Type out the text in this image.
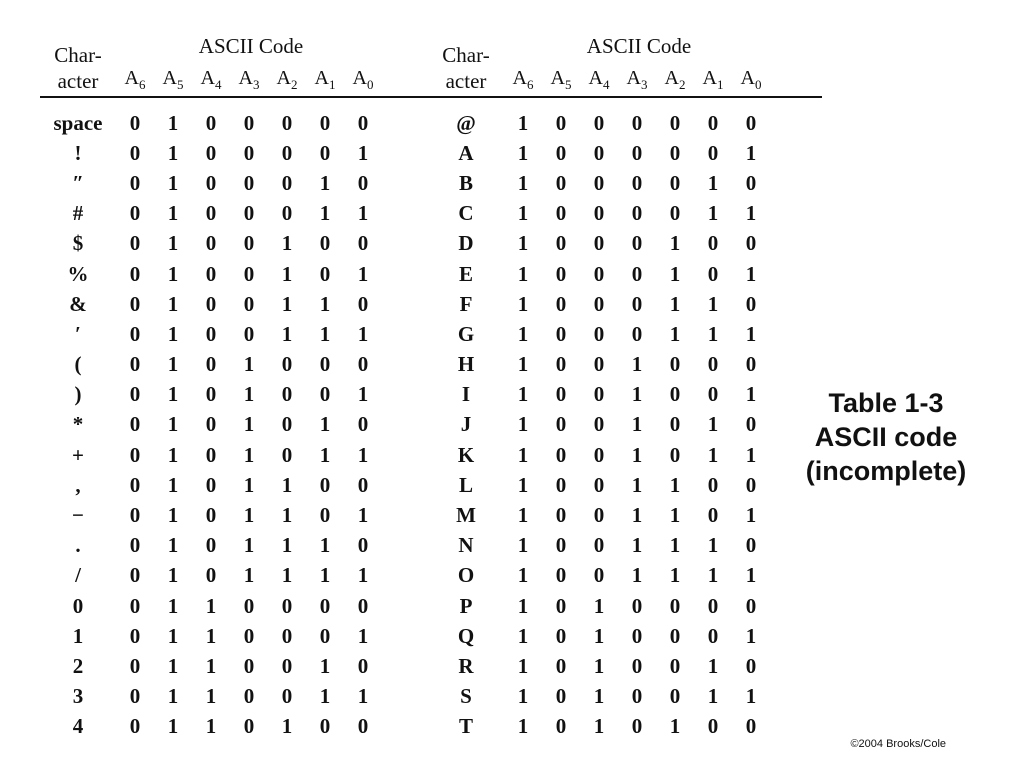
Char-
acter
ASCII Code
$A_6$ $A_5$ $A_4$ $A_3$ $A_2$ $A_1$ $A_0$
space	0	1	0	0	0	0	0
!	0	1	0	0	0	0	1
″	0	1	0	0	0	1	0
#	0	1	0	0	0	1	1
$	0	1	0	0	1	0	0
%	0	1	0	0	1	0	1
&	0	1	0	0	1	1	0
′	0	1	0	0	1	1	1
(	0	1	0	1	0	0	0
)	0	1	0	1	0	0	1
*	0	1	0	1	0	1	0
+	0	1	0	1	0	1	1
,	0	1	0	1	1	0	0
−	0	1	0	1	1	0	1
.	0	1	0	1	1	1	0
/	0	1	0	1	1	1	1
0	0	1	1	0	0	0	0
1	0	1	1	0	0	0	1
2	0	1	1	0	0	1	0
3	0	1	1	0	0	1	1
4	0	1	1	0	1	0	0
Char-
acter
ASCII Code
$A_6$ $A_5$ $A_4$ $A_3$ $A_2$ $A_1$ $A_0$
@	1	0	0	0	0	0	0
A	1	0	0	0	0	0	1
B	1	0	0	0	0	1	0
C	1	0	0	0	0	1	1
D	1	0	0	0	1	0	0
E	1	0	0	0	1	0	1
F	1	0	0	0	1	1	0
G	1	0	0	0	1	1	1
H	1	0	0	1	0	0	0
I	1	0	0	1	0	0	1
J	1	0	0	1	0	1	0
K	1	0	0	1	0	1	1
L	1	0	0	1	1	0	0
M	1	0	0	1	1	0	1
N	1	0	0	1	1	1	0
O	1	0	0	1	1	1	1
P	1	0	1	0	0	0	0
Q	1	0	1	0	0	0	1
R	1	0	1	0	0	1	0
S	1	0	1	0	0	1	1
T	1	0	1	0	1	0	0
Table 1-3
ASCII code
(incomplete)
©2004 Brooks/Cole
